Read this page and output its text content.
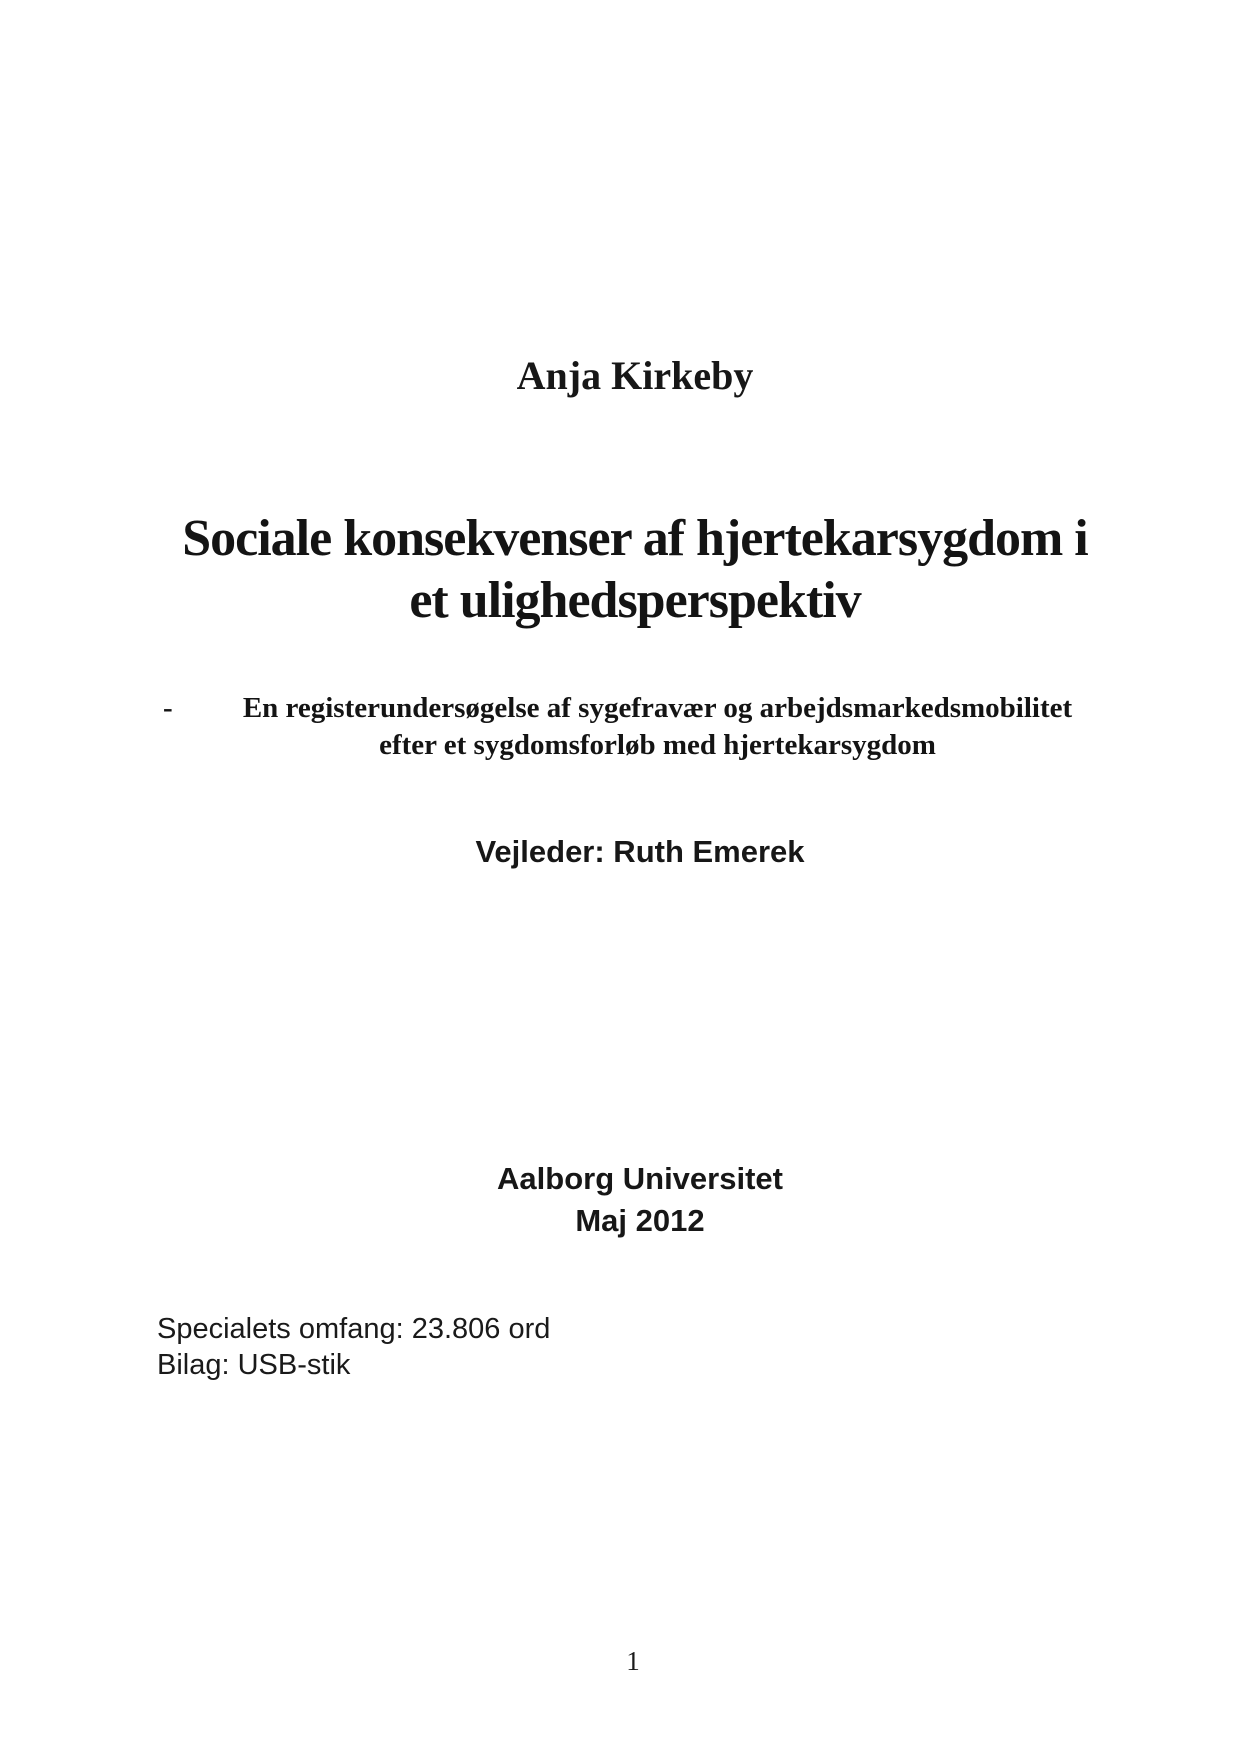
Anja Kirkeby
Sociale konsekvenser af hjertekarsygdom i
et ulighedsperspektiv
-	En registerundersøgelse af sygefravær og arbejdsmarkedsmobilitet
efter et sygdomsforløb med hjertekarsygdom
Vejleder: Ruth Emerek
Aalborg Universitet
Maj 2012
Specialets omfang: 23.806 ord
Bilag: USB-stik
1
